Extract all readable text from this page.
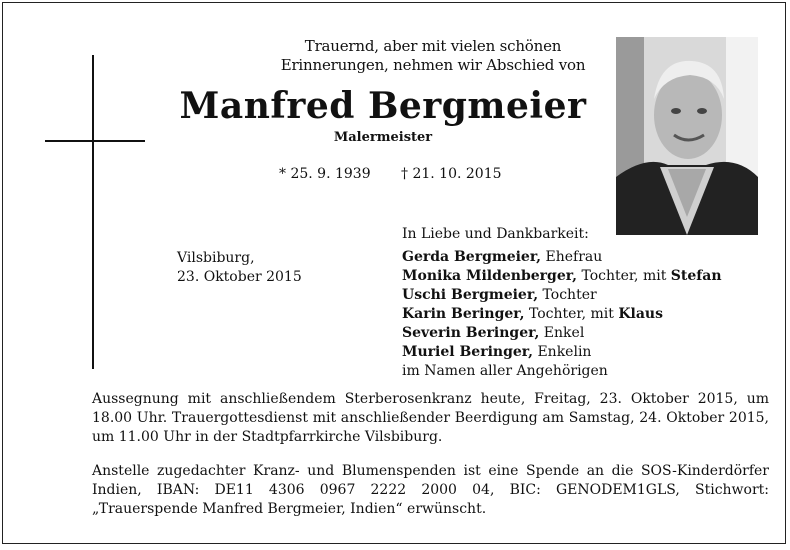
Trauernd, aber mit vielen schönen
Erinnerungen, nehmen wir Abschied von
Manfred Bergmeier
Malermeister
* 25. 9. 1939 † 21. 10. 2015
In Liebe und Dankbarkeit:
Vilsbiburg,
23. Oktober 2015
Gerda Bergmeier, Ehefrau
Monika Mildenberger, Tochter, mit Stefan
Uschi Bergmeier, Tochter
Karin Beringer, Tochter, mit Klaus
Severin Beringer, Enkel
Muriel Beringer, Enkelin
im Namen aller Angehörigen
Aussegnung mit anschließendem Sterberosenkranz heute, Freitag, 23. Oktober 2015, um 18.00 Uhr. Trauergottesdienst mit anschließender Beerdigung am Samstag, 24. Oktober 2015, um 11.00 Uhr in der Stadtpfarrkirche Vilsbiburg.
Anstelle zugedachter Kranz- und Blumenspenden ist eine Spende an die SOS-Kinderdörfer Indien, IBAN: DE11 4306 0967 2222 2000 04, BIC: GENODEM1GLS, Stichwort: „Trauerspende Manfred Bergmeier, Indien“ erwünscht.
